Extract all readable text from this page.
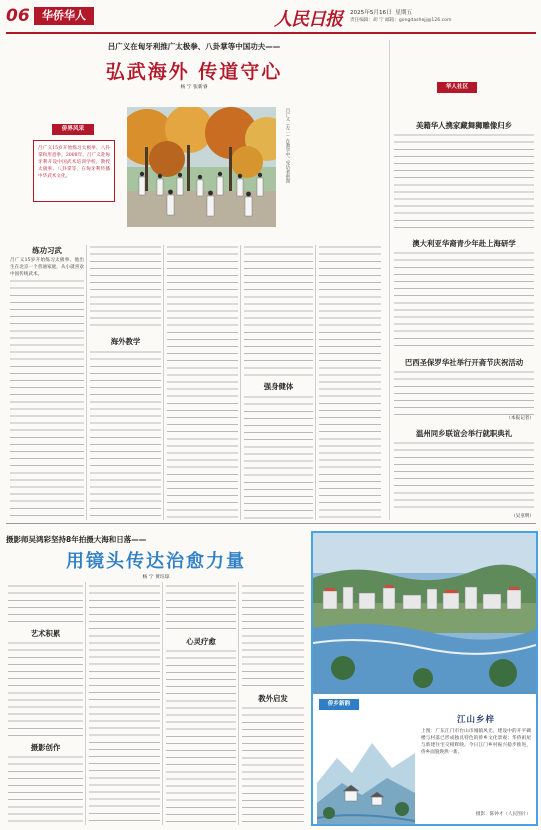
06	华侨华人	人民日报 2025年5月16日 星期五
责任编辑：胡 宁 邮箱：gongdashejj@126.com
吕广义在匈牙利推广太极拳、八卦掌等中国功夫——
弘武海外 传道守心
杨 宁 张新睿
侨界风采
吕广义15岁开始练习太极拳、八卦掌和形意拳，2008年，吕广义赴匈牙利开设中国武术培训学校，教授太极拳、八卦掌等，在匈牙利传播中华武术文化。	吕广义（左一）在教学中。受访者供图
练功习武
吕广义15岁开始练习太极拳。他出生在北京一个普通家庭，从小就喜欢中国传统武术。
海外教学
强身健体
华人社区
美籍华人携家藏舞狮雕像归乡
澳大利亚华裔青少年赴上海研学
巴西圣保罗华社举行开斋节庆祝活动
（本报记者）
温州同乡联谊会举行就职典礼
（吴亚明）
摄影师吴鸿彩坚持8年拍摄大海和日落——
用镜头传达治愈力量
杨 宁 黄珏琼
艺术积累
摄影创作
心灵疗愈
教外启发
侨乡新韵
江山乡梓
上图：广东江门市台山市城镇风光，建设中的开平碉楼与村落已形成独具特色的侨乡文化景观；华侨祖屋与新建住宅交相辉映。今日江门乡村振兴稳步推进，侨乡面貌焕然一新。
摄影：陈钟才（人民图片）
